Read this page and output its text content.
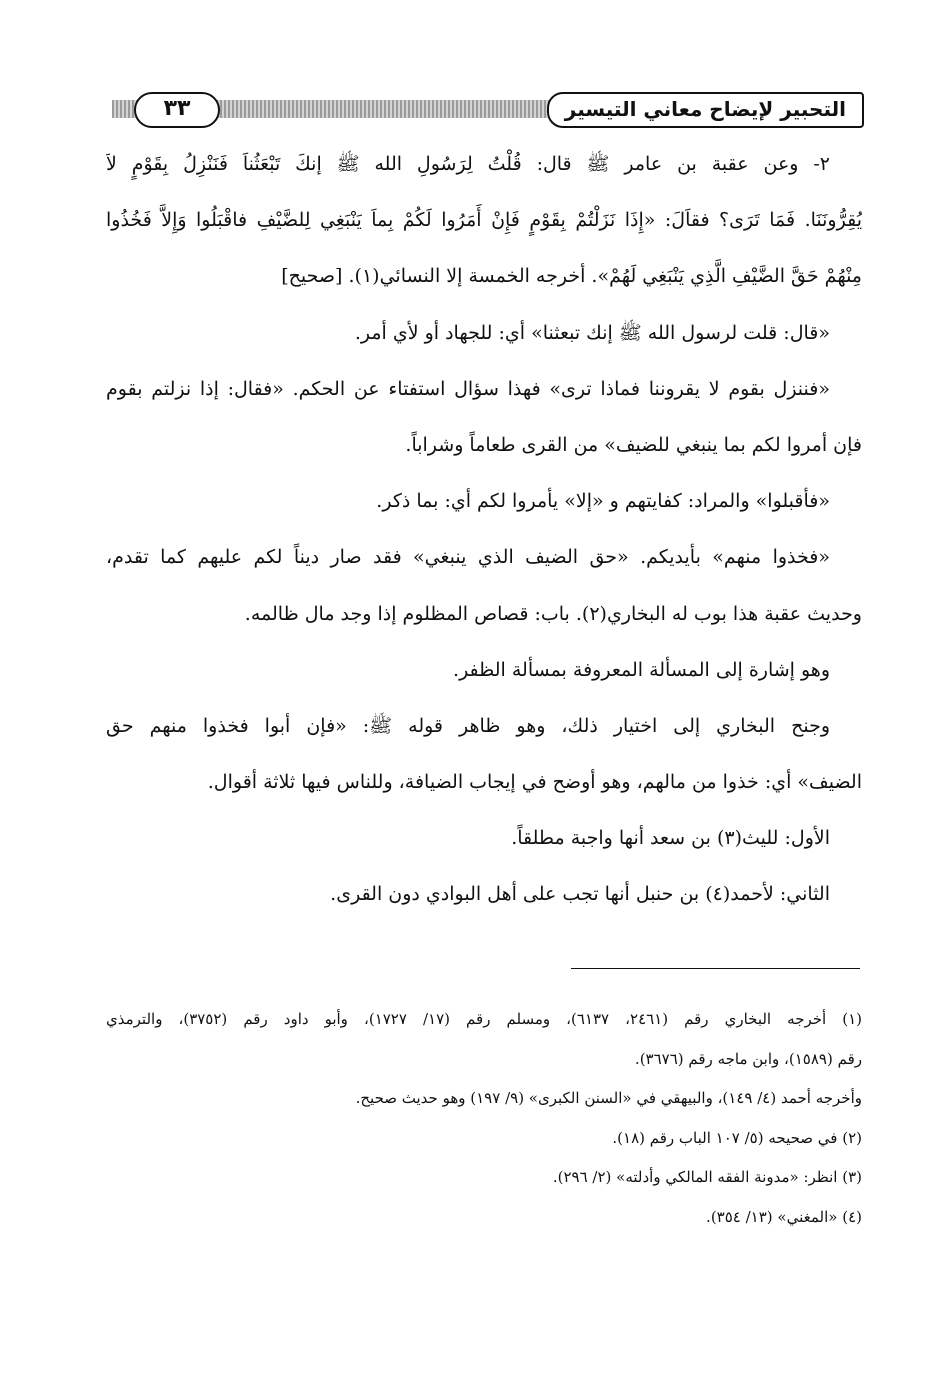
التحبير لإيضاح معاني التيسير
٣٣
٢- وعن عقبة بن عامر ﷺ قال: قُلْتُ لِرَسُولِ الله ﷺ إنكَ تَبْعَثُناَ فَنَنْزِلُ بِقَوْمٍ لاَ
يُقِرُّونَنَا. فَمَا تَرَى؟ فقاَلَ: «إِذَا نَزَلْتُمْ بِقَوْمٍ فَإِنْ أَمَرُوا لَكُمْ بِماَ يَنْبَغِي لِلضَّيْفِ فاقْبَلُوا وَإِلاَّ فَخُذُوا
مِنْهُمْ حَقَّ الضَّيْفِ الَّذِي يَنْبَغِي لَهُمْ». أخرجه الخمسة إلا النسائي(١). [صحيح]
«قال: قلت لرسول الله ﷺ إنك تبعثنا» أي: للجهاد أو لأي أمر.
«فننزل بقوم لا يقروننا فماذا ترى» فهذا سؤال استفتاء عن الحكم. «فقال: إذا نزلتم بقوم
فإن أمروا لكم بما ينبغي للضيف» من القرى طعاماً وشراباً.
«فأقبلوا» والمراد: كفايتهم و «إلا» يأمروا لكم أي: بما ذكر.
«فخذوا منهم» بأيديكم. «حق الضيف الذي ينبغي» فقد صار ديناً لكم عليهم كما تقدم،
وحديث عقبة هذا بوب له البخاري(٢). باب: قصاص المظلوم إذا وجد مال ظالمه.
وهو إشارة إلى المسألة المعروفة بمسألة الظفر.
وجنح البخاري إلى اختيار ذلك، وهو ظاهر قوله ﷺ: «فإن أبوا فخذوا منهم حق
الضيف» أي: خذوا من مالهم، وهو أوضح في إيجاب الضيافة، وللناس فيها ثلاثة أقوال.
الأول: لليث(٣) بن سعد أنها واجبة مطلقاً.
الثاني: لأحمد(٤) بن حنبل أنها تجب على أهل البوادي دون القرى.
(١) أخرجه البخاري رقم (٢٤٦١، ٦١٣٧)، ومسلم رقم (١٧/ ١٧٢٧)، وأبو داود رقم (٣٧٥٢)، والترمذي
رقم (١٥٨٩)، وابن ماجه رقم (٣٦٧٦).
وأخرجه أحمد (٤/ ١٤٩)، والبيهقي في «السنن الكبرى» (٩/ ١٩٧) وهو حديث صحيح.
(٢) في صحيحه (٥/ ١٠٧ الباب رقم (١٨).
(٣) انظر: «مدونة الفقه المالكي وأدلته» (٢/ ٢٩٦).
(٤) «المغني» (١٣/ ٣٥٤).
